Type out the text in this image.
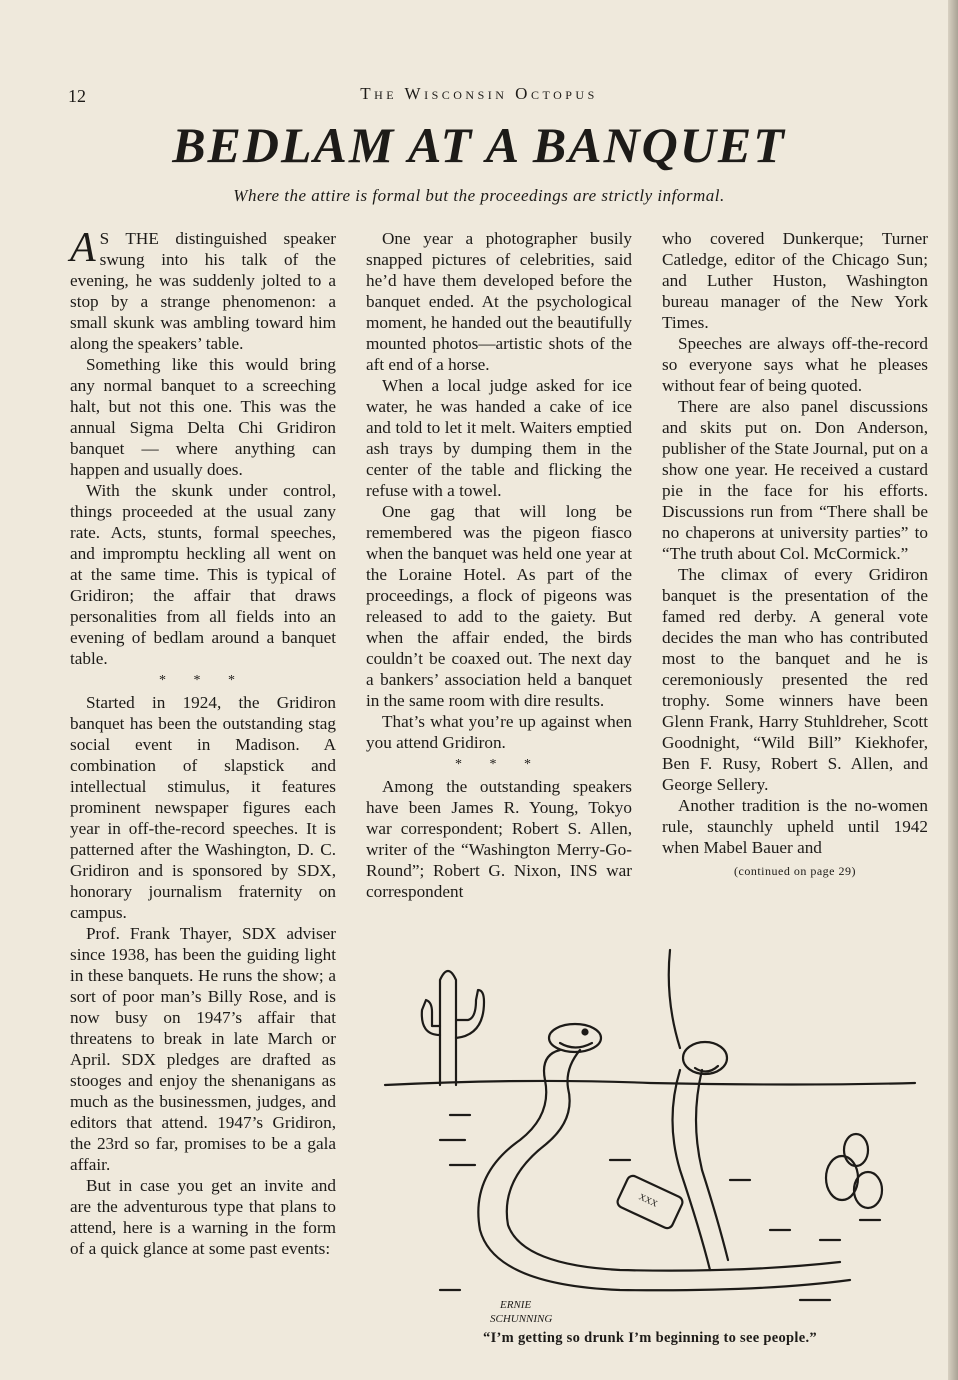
12	The Wisconsin Octopus
BEDLAM AT A BANQUET
Where the attire is formal but the proceedings are strictly informal.

A S THE distinguished speaker swung into his talk of the evening, he was suddenly jolted to a stop by a strange phenomenon: a small skunk was ambling toward him along the speakers’ table.

Something like this would bring any normal banquet to a screeching halt, but not this one. This was the annual Sigma Delta Chi Gridiron banquet — where anything can happen and usually does.

With the skunk under control, things proceeded at the usual zany rate. Acts, stunts, formal speeches, and impromptu heckling all went on at the same time. This is typical of Gridiron; the affair that draws personalities from all fields into an evening of bedlam around a banquet table.

* * *

Started in 1924, the Gridiron banquet has been the outstanding stag social event in Madison. A combination of slapstick and intellectual stimulus, it features prominent newspaper figures each year in off-the-record speeches. It is patterned after the Washington, D. C. Gridiron and is sponsored by SDX, honorary journalism fraternity on campus.

Prof. Frank Thayer, SDX adviser since 1938, has been the guiding light in these banquets. He runs the show; a sort of poor man’s Billy Rose, and is now busy on 1947’s affair that threatens to break in late March or April. SDX pledges are drafted as stooges and enjoy the shenanigans as much as the businessmen, judges, and editors that attend. 1947’s Gridiron, the 23rd so far, promises to be a gala affair.

But in case you get an invite and are the adventurous type that plans to attend, here is a warning in the form of a quick glance at some past events:

One year a photographer busily snapped pictures of celebrities, said he’d have them developed before the banquet ended. At the psychological moment, he handed out the beautifully mounted photos—artistic shots of the aft end of a horse.

When a local judge asked for ice water, he was handed a cake of ice and told to let it melt. Waiters emptied ash trays by dumping them in the center of the table and flicking the refuse with a towel.

One gag that will long be remembered was the pigeon fiasco when the banquet was held one year at the Loraine Hotel. As part of the proceedings, a flock of pigeons was released to add to the gaiety. But when the affair ended, the birds couldn’t be coaxed out. The next day a bankers’ association held a banquet in the same room with dire results.

That’s what you’re up against when you attend Gridiron.

* * *

Among the outstanding speakers have been James R. Young, Tokyo war correspondent; Robert S. Allen, writer of the “Washington Merry-Go-Round”; Robert G. Nixon, INS war correspondent

who covered Dunkerque; Turner Catledge, editor of the Chicago Sun; and Luther Huston, Washington bureau manager of the New York Times.

Speeches are always off-the-record so everyone says what he pleases without fear of being quoted.

There are also panel discussions and skits put on. Don Anderson, publisher of the State Journal, put on a show one year. He received a custard pie in the face for his efforts. Discussions run from “There shall be no chaperons at university parties” to “The truth about Col. McCormick.”

The climax of every Gridiron banquet is the presentation of the famed red derby. A general vote decides the man who has contributed most to the banquet and he is ceremoniously presented the red trophy. Some winners have been Glenn Frank, Harry Stuhldreher, Scott Goodnight, “Wild Bill” Kiekhofer, Ben F. Rusy, Robert S. Allen, and George Sellery.

Another tradition is the no-women rule, staunchly upheld until 1942 when Mabel Bauer and

(continued on page 29)
XXX
ERNIE
SCHUNNING
“I’m getting so drunk I’m beginning to see people.”
